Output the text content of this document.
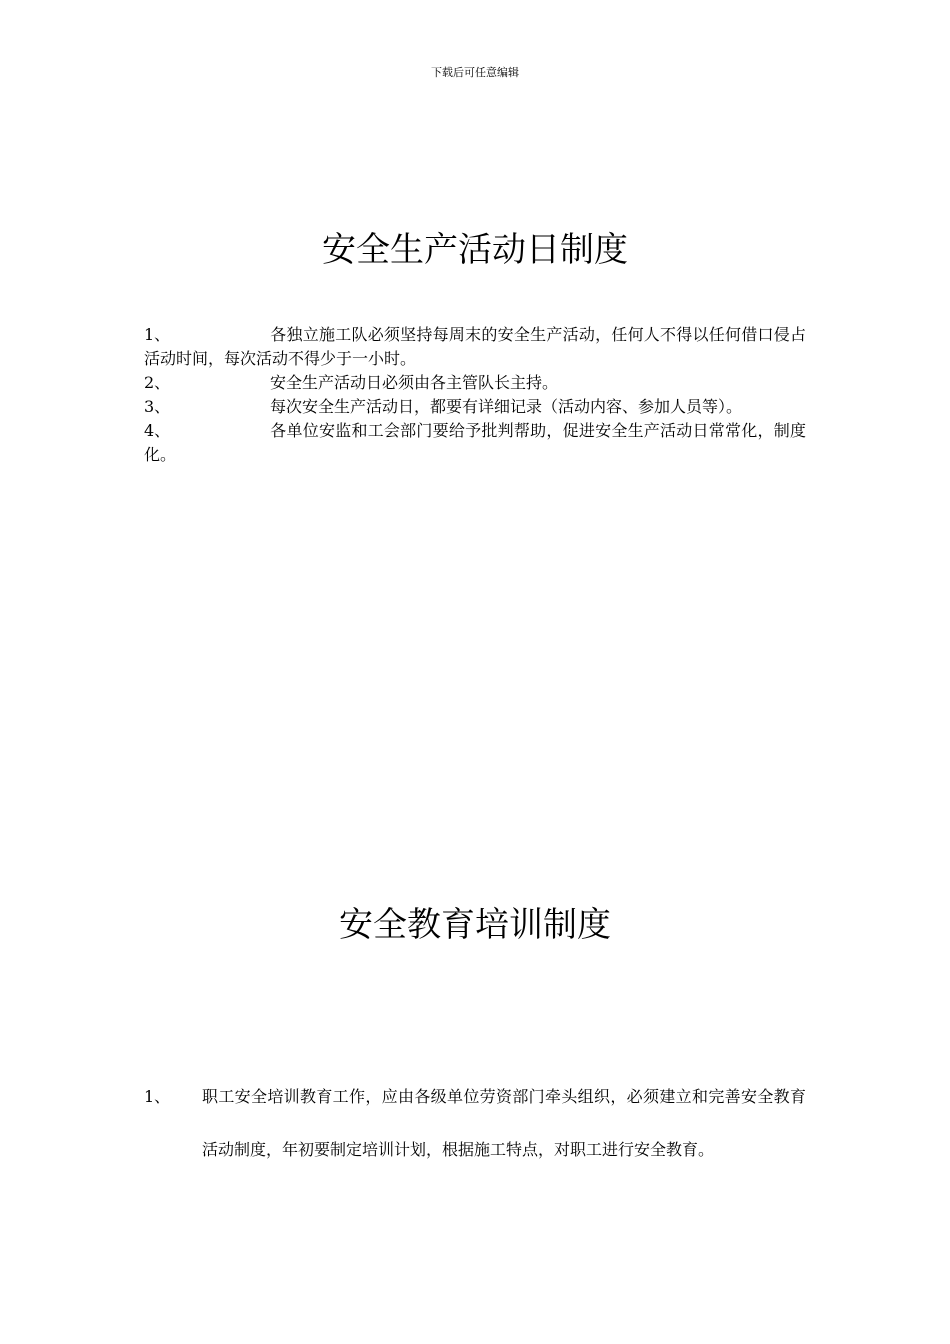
下载后可任意编辑
安全生产活动日制度
1、	各独立施工队必须坚持每周末的安全生产活动，任何人不得以任何借口侵占活动时间，每次活动不得少于一小时。
2、	安全生产活动日必须由各主管队长主持。
3、	每次安全生产活动日，都要有详细记录（活动内容、参加人员等）。
4、	各单位安监和工会部门要给予批判帮助，促进安全生产活动日常常化，制度化。
安全教育培训制度
1、 职工安全培训教育工作，应由各级单位劳资部门牵头组织，必须建立和完善安全教育活动制度，年初要制定培训计划，根据施工特点，对职工进行安全教育。
